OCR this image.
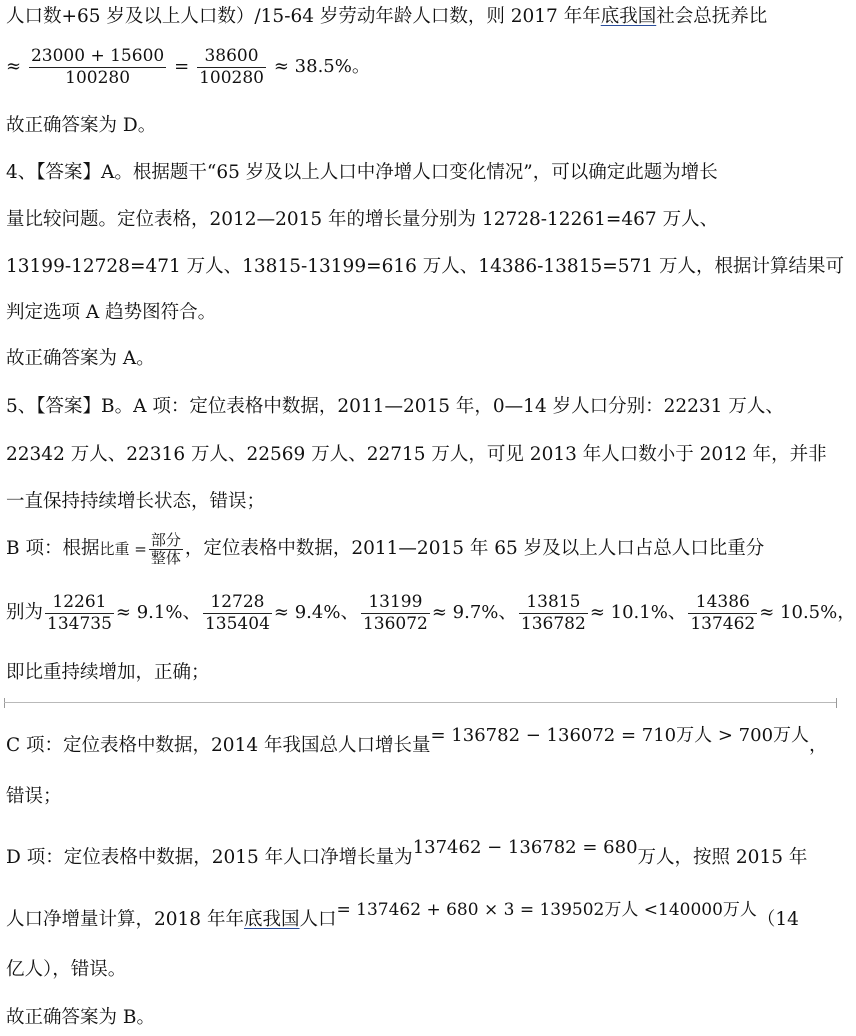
人口数+65 岁及以上人口数）/15-64 岁劳动年龄人口数，则 2017 年年底我国社会总抚养比
≈ $\frac{23000 + 15600}{100280} = \frac{38600}{100280} \approx 38.5\%$。
故正确答案为 D。
4、【答案】A。根据题干“65 岁及以上人口中净增人口变化情况”，可以确定此题为增长
量比较问题。定位表格，2012—2015 年的增长量分别为 12728-12261=467 万人、
13199-12728=471 万人、13815-13199=616 万人、14386-13815=571 万人，根据计算结果可
判定选项 A 趋势图符合。
故正确答案为 A。
5、【答案】B。A 项：定位表格中数据，2011—2015 年，0—14 岁人口分别：22231 万人、
22342 万人、22316 万人、22569 万人、22715 万人，可见 2013 年人口数小于 2012 年，并非
一直保持持续增长状态，错误；
B 项：根据比重 = $\frac{\text{部分}}{\text{整体}}$ ，定位表格中数据，2011—2015 年 65 岁及以上人口占总人口比重分
别为 $\frac{12261}{134735} \approx 9.1\%$、 $\frac{12728}{135404} \approx 9.4\%$、 $\frac{13199}{136072} \approx 9.7\%$、 $\frac{13815}{136782} \approx 10.1\%$、 $\frac{14386}{137462} \approx 10.5\%$，
即比重持续增加，正确；
C 项：定位表格中数据，2014 年我国总人口增长量= 136782 − 136072 = 710万人 > 700万人，
错误；
D 项：定位表格中数据，2015 年人口净增长量为137462 − 136782 = 680万人，按照 2015 年
人口净增量计算，2018 年年底我国人口= 137462 + 680 × 3 = 139502万人 <140000万人（14
亿人），错误。
故正确答案为 B。
